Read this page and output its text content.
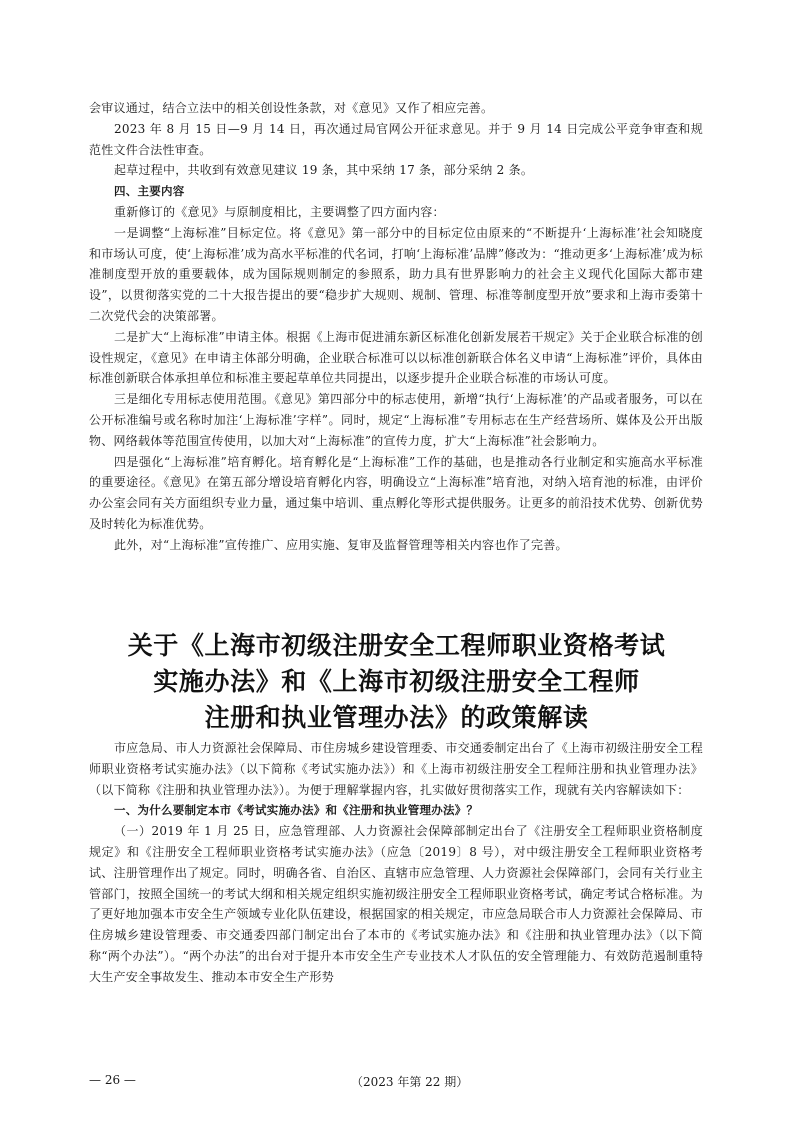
会审议通过，结合立法中的相关创设性条款，对《意见》又作了相应完善。

2023 年 8 月 15 日—9 月 14 日，再次通过局官网公开征求意见。并于 9 月 14 日完成公平竞争审查和规范性文件合法性审查。

起草过程中，共收到有效意见建议 19 条，其中采纳 17 条，部分采纳 2 条。

四、主要内容

重新修订的《意见》与原制度相比，主要调整了四方面内容：

一是调整“上海标准”目标定位。将《意见》第一部分中的目标定位由原来的“不断提升‘上海标准’社会知晓度和市场认可度，使‘上海标准’成为高水平标准的代名词，打响‘上海标准’品牌”修改为：“推动更多‘上海标准’成为标准制度型开放的重要载体，成为国际规则制定的参照系，助力具有世界影响力的社会主义现代化国际大都市建设”，以贯彻落实党的二十大报告提出的要“稳步扩大规则、规制、管理、标准等制度型开放”要求和上海市委第十二次党代会的决策部署。

二是扩大“上海标准”申请主体。根据《上海市促进浦东新区标准化创新发展若干规定》关于企业联合标准的创设性规定，《意见》在申请主体部分明确，企业联合标准可以以标准创新联合体名义申请“上海标准”评价，具体由标准创新联合体承担单位和标准主要起草单位共同提出，以逐步提升企业联合标准的市场认可度。

三是细化专用标志使用范围。《意见》第四部分中的标志使用，新增“执行‘上海标准’的产品或者服务，可以在公开标准编号或名称时加注‘上海标准’字样”。同时，规定“上海标准”专用标志在生产经营场所、媒体及公开出版物、网络载体等范围宣传使用，以加大对“上海标准”的宣传力度，扩大“上海标准”社会影响力。

四是强化“上海标准”培育孵化。培育孵化是“上海标准”工作的基础，也是推动各行业制定和实施高水平标准的重要途径。《意见》在第五部分增设培育孵化内容，明确设立“上海标准”培育池，对纳入培育池的标准，由评价办公室会同有关方面组织专业力量，通过集中培训、重点孵化等形式提供服务。让更多的前沿技术优势、创新优势及时转化为标准优势。

此外，对“上海标准”宣传推广、应用实施、复审及监督管理等相关内容也作了完善。

关于《上海市初级注册安全工程师职业资格考试
实施办法》和《上海市初级注册安全工程师
注册和执业管理办法》的政策解读

市应急局、市人力资源社会保障局、市住房城乡建设管理委、市交通委制定出台了《上海市初级注册安全工程师职业资格考试实施办法》（以下简称《考试实施办法》）和《上海市初级注册安全工程师注册和执业管理办法》（以下简称《注册和执业管理办法》）。为便于理解掌握内容，扎实做好贯彻落实工作，现就有关内容解读如下：

一、为什么要制定本市《考试实施办法》和《注册和执业管理办法》？

（一）2019 年 1 月 25 日，应急管理部、人力资源社会保障部制定出台了《注册安全工程师职业资格制度规定》和《注册安全工程师职业资格考试实施办法》（应急〔2019〕8 号），对中级注册安全工程师职业资格考试、注册管理作出了规定。同时，明确各省、自治区、直辖市应急管理、人力资源社会保障部门，会同有关行业主管部门，按照全国统一的考试大纲和相关规定组织实施初级注册安全工程师职业资格考试，确定考试合格标准。为了更好地加强本市安全生产领域专业化队伍建设，根据国家的相关规定，市应急局联合市人力资源社会保障局、市住房城乡建设管理委、市交通委四部门制定出台了本市的《考试实施办法》和《注册和执业管理办法》（以下简称“两个办法”）。“两个办法”的出台对于提升本市安全生产专业技术人才队伍的安全管理能力、有效防范遏制重特大生产安全事故发生、推动本市安全生产形势

— 26 —	（2023 年第 22 期）
